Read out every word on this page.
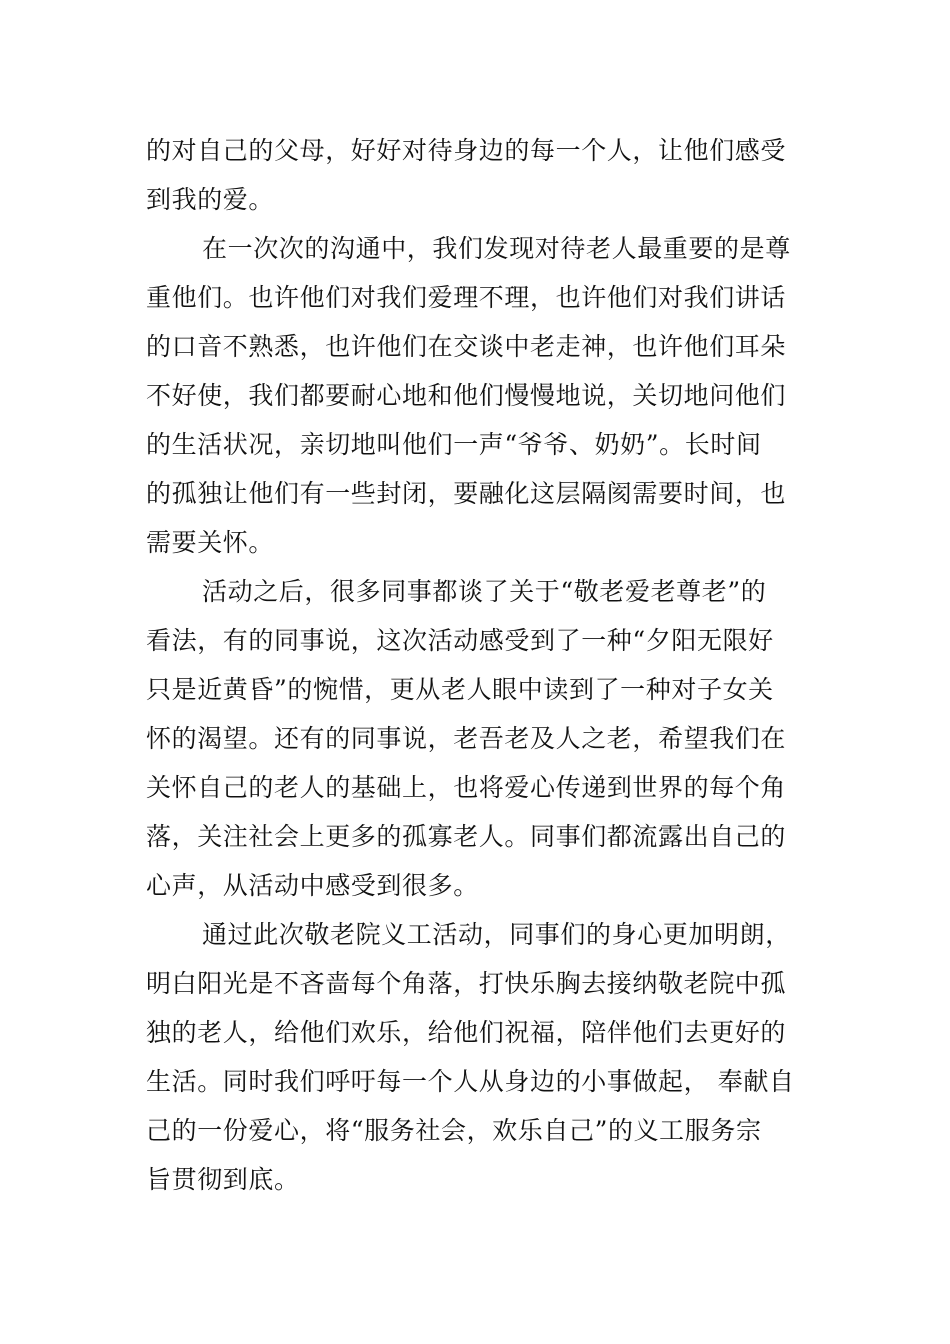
的对自己的父母，好好对待身边的每一个人，让他们感受
到我的爱。
在一次次的沟通中，我们发现对待老人最重要的是尊
重他们。也许他们对我们爱理不理，也许他们对我们讲话
的口音不熟悉，也许他们在交谈中老走神，也许他们耳朵
不好使，我们都要耐心地和他们慢慢地说，关切地问他们
的生活状况，亲切地叫他们一声“爷爷、奶奶”。长时间
的孤独让他们有一些封闭，要融化这层隔阂需要时间，也
需要关怀。
活动之后，很多同事都谈了关于“敬老爱老尊老”的
看法，有的同事说，这次活动感受到了一种“夕阳无限好
只是近黄昏”的惋惜，更从老人眼中读到了一种对子女关
怀的渴望。还有的同事说，老吾老及人之老，希望我们在
关怀自己的老人的基础上，也将爱心传递到世界的每个角
落，关注社会上更多的孤寡老人。同事们都流露出自己的
心声，从活动中感受到很多。
通过此次敬老院义工活动，同事们的身心更加明朗，
明白阳光是不吝啬每个角落，打快乐胸去接纳敬老院中孤
独的老人，给他们欢乐，给他们祝福，陪伴他们去更好的
生活。同时我们呼吁每一个人从身边的小事做起， 奉献自
己的一份爱心，将“服务社会，欢乐自己”的义工服务宗
旨贯彻到底。
